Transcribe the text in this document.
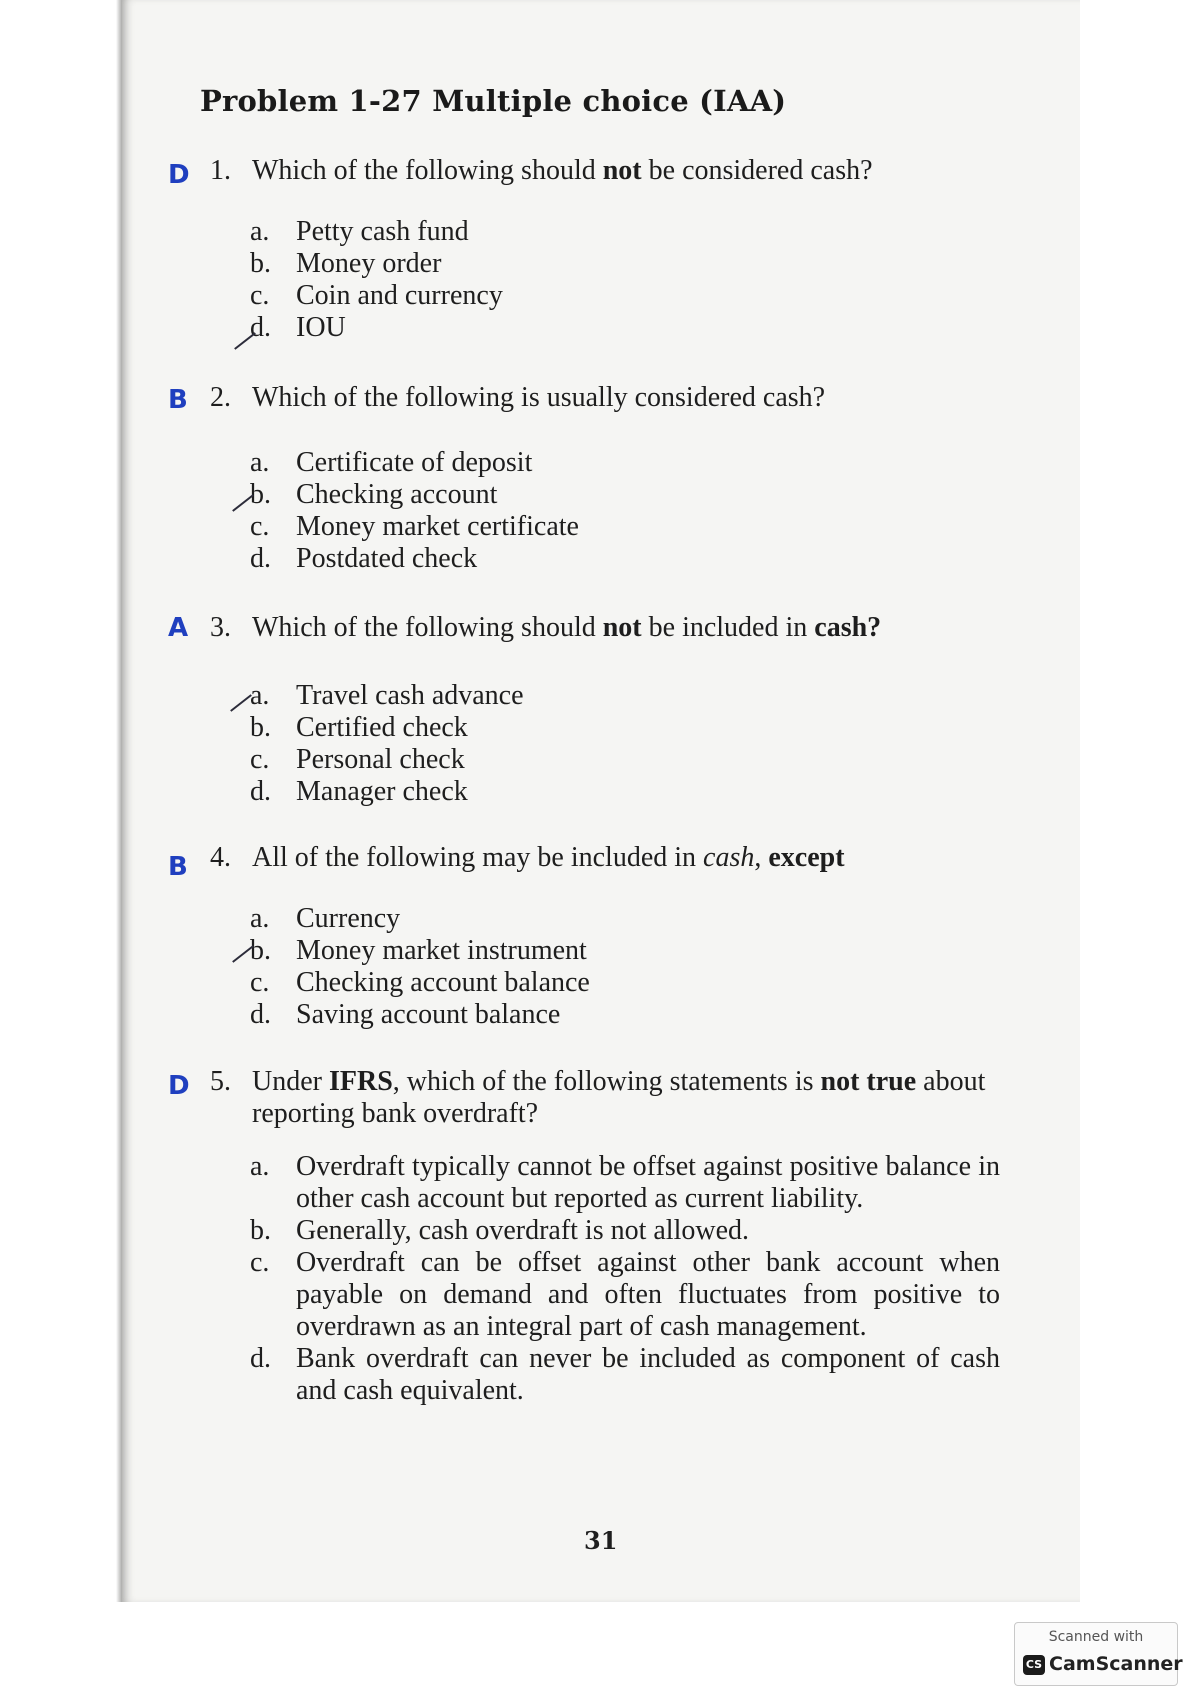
Problem 1-27 Multiple choice (IAA)
D 1. Which of the following should not be considered cash?
a. Petty cash fund
b. Money order
c. Coin and currency
d. IOU
B 2. Which of the following is usually considered cash?
a. Certificate of deposit
b. Checking account
c. Money market certificate
d. Postdated check
A 3. Which of the following should not be included in cash?
a. Travel cash advance
b. Certified check
c. Personal check
d. Manager check
B 4. All of the following may be included in cash, except
a. Currency
b. Money market instrument
c. Checking account balance
d. Saving account balance
D 5. Under IFRS, which of the following statements is not true about reporting bank overdraft?
a. Overdraft typically cannot be offset against positive balance in other cash account but reported as current liability.
b. Generally, cash overdraft is not allowed.
c. Overdraft can be offset against other bank account when payable on demand and often fluctuates from positive to overdrawn as an integral part of cash management.
d. Bank overdraft can never be included as component of cash and cash equivalent.
31
Scanned with
CS CamScanner
